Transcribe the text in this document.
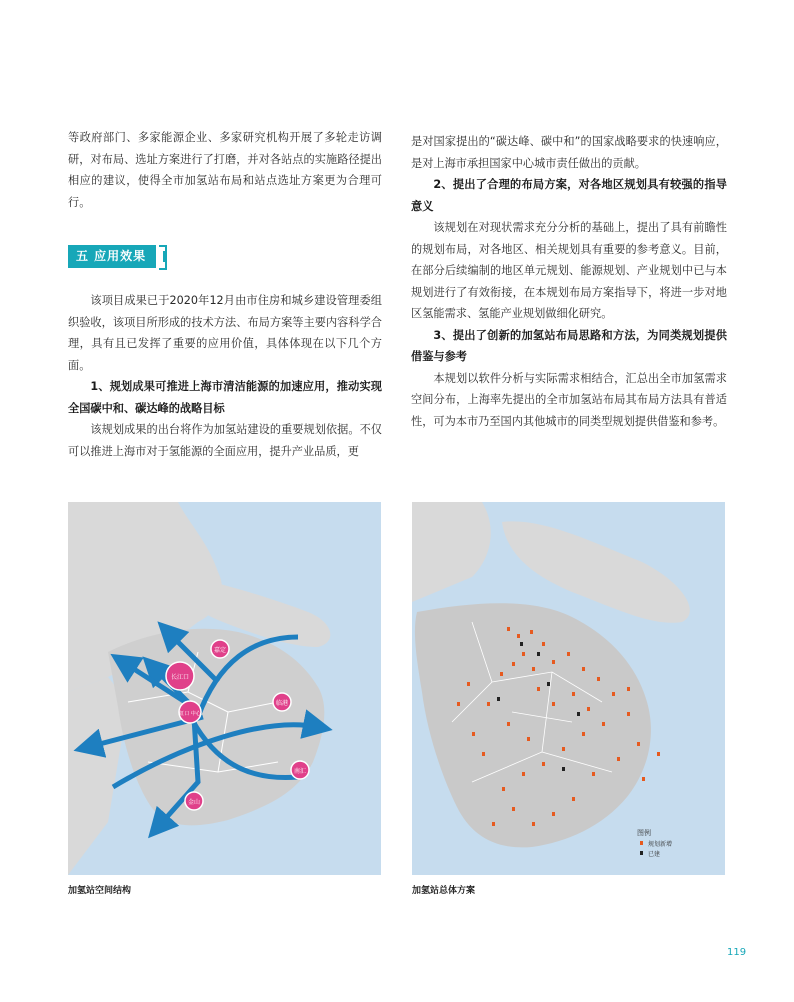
等政府部门、多家能源企业、多家研究机构开展了多轮走访调研，对布局、选址方案进行了打磨，并对各站点的实施路径提出相应的建议，使得全市加氢站布局和站点选址方案更为合理可行。

五 应用效果

该项目成果已于2020年12月由市住房和城乡建设管理委组织验收，该项目所形成的技术方法、布局方案等主要内容科学合理，具有且已发挥了重要的应用价值，具体体现在以下几个方面。

1、规划成果可推进上海市清洁能源的加速应用，推动实现全国碳中和、碳达峰的战略目标

该规划成果的出台将作为加氢站建设的重要规划依据。不仅可以推进上海市对于氢能源的全面应用，提升产业品质，更

是对国家提出的“碳达峰、碳中和”的国家战略要求的快速响应，是对上海市承担国家中心城市责任做出的贡献。

2、提出了合理的布局方案，对各地区规划具有较强的指导意义

该规划在对现状需求充分分析的基础上，提出了具有前瞻性的规划布局，对各地区、相关规划具有重要的参考意义。目前，在部分后续编制的地区单元规划、能源规划、产业规划中已与本规划进行了有效衔接，在本规划布局方案指导下，将进一步对地区氢能需求、氢能产业规划做细化研究。

3、提出了创新的加氢站布局思路和方法，为同类规划提供借鉴与参考

本规划以软件分析与实际需求相结合，汇总出全市加氢需求空间分布，上海率先提出的全市加氢站布局其布局方法具有普适性，可为本市乃至国内其他城市的同类型规划提供借鉴和参考。

嘉定
长江口
虹口 中心
临港
南汇
金山
图例
规划新增
已建
加氢站空间结构	加氢站总体方案
119
